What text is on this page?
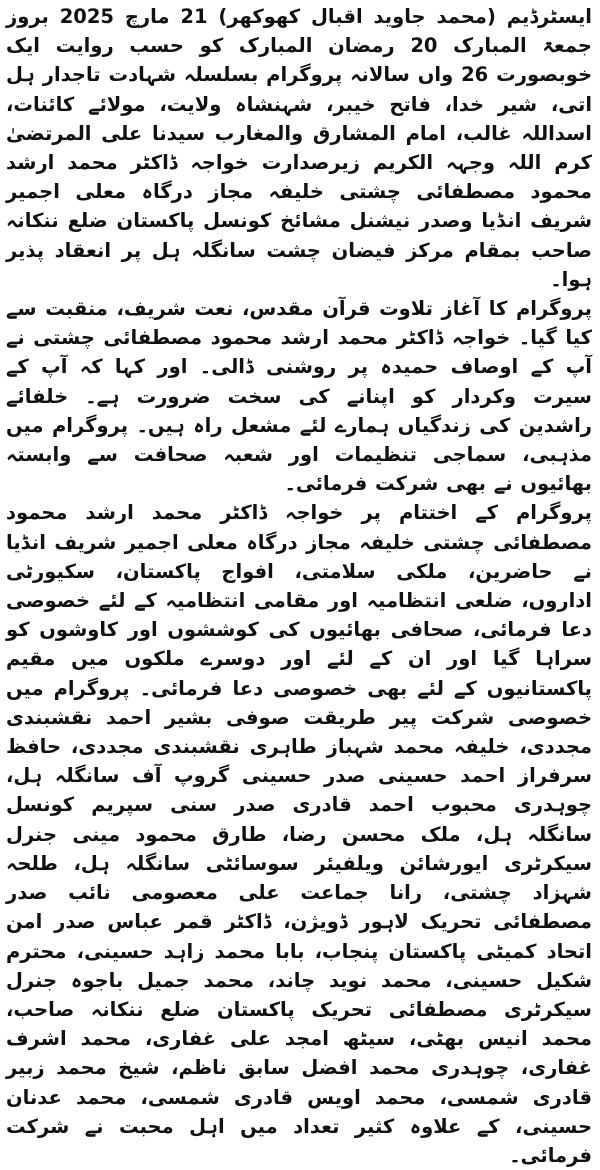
ایسٹرڈیم (محمد جاوید اقبال کھوکھر) 21 مارچ 2025 بروز جمعۃ المبارک 20 رمضان المبارک کو حسب روایت ایک خوبصورت 26 واں سالانہ پروگرام بسلسلہ شہادت تاجدار ہل اتی، شیر خدا، فاتح خیبر، شہنشاہ ولایت، مولائے کائنات، اسداللہ غالب، امام المشارق والمغارب سیدنا علی المرتضیٰ کرم اللہ وجہہ الکریم زیرصدارت خواجہ ڈاکٹر محمد ارشد محمود مصطفائی چشتی خلیفہ مجاز درگاہ معلی اجمیر شریف انڈیا وصدر نیشنل مشائخ کونسل پاکستان ضلع ننکانہ صاحب بمقام مرکز فیضان چشت سانگلہ ہل پر انعقاد پذیر ہوا۔

پروگرام کا آغاز تلاوت قرآن مقدس، نعت شریف، منقبت سے کیا گیا۔ خواجہ ڈاکٹر محمد ارشد محمود مصطفائی چشتی نے آپ کے اوصاف حمیدہ پر روشنی ڈالی۔ اور کہا کہ آپ کے سیرت وکردار کو اپنانے کی سخت ضرورت ہے۔ خلفائے راشدین کی زندگیاں ہمارے لئے مشعل راہ ہیں۔ پروگرام میں مذہبی، سماجی تنظیمات اور شعبہ صحافت سے وابستہ بھائیوں نے بھی شرکت فرمائی۔

پروگرام کے اختتام پر خواجہ ڈاکٹر محمد ارشد محمود مصطفائی چشتی خلیفہ مجاز درگاہ معلی اجمیر شریف انڈیا نے حاضرین، ملکی سلامتی، افواج پاکستان، سکیورٹی اداروں، ضلعی انتظامیہ اور مقامی انتظامیہ کے لئے خصوصی دعا فرمائی، صحافی بھائیوں کی کوششوں اور کاوشوں کو سراہا گیا اور ان کے لئے اور دوسرے ملکوں میں مقیم پاکستانیوں کے لئے بھی خصوصی دعا فرمائی۔ پروگرام میں خصوصی شرکت پیر طریقت صوفی بشیر احمد نقشبندی مجددی، خلیفہ محمد شہباز طاہری نقشبندی مجددی، حافظ سرفراز احمد حسینی صدر حسینی گروپ آف سانگلہ ہل، چوہدری محبوب احمد قادری صدر سنی سپریم کونسل سانگلہ ہل، ملک محسن رضا، طارق محمود مینی جنرل سیکرٹری ایورشائن ویلفیئر سوسائٹی سانگلہ ہل، طلحہ شہزاد چشتی، رانا جماعت علی معصومی نائب صدر مصطفائی تحریک لاہور ڈویژن، ڈاکٹر قمر عباس صدر امن اتحاد کمیٹی پاکستان پنجاب، بابا محمد زاہد حسینی، محترم شکیل حسینی، محمد نوید چاند، محمد جمیل باجوہ جنرل سیکرٹری مصطفائی تحریک پاکستان ضلع ننکانہ صاحب، محمد انیس بھٹی، سیٹھ امجد علی غفاری، محمد اشرف غفاری، چوہدری محمد افضل سابق ناظم، شیخ محمد زبیر قادری شمسی، محمد اویس قادری شمسی، محمد عدنان حسینی، کے علاوہ کثیر تعداد میں اہل محبت نے شرکت فرمائی۔
